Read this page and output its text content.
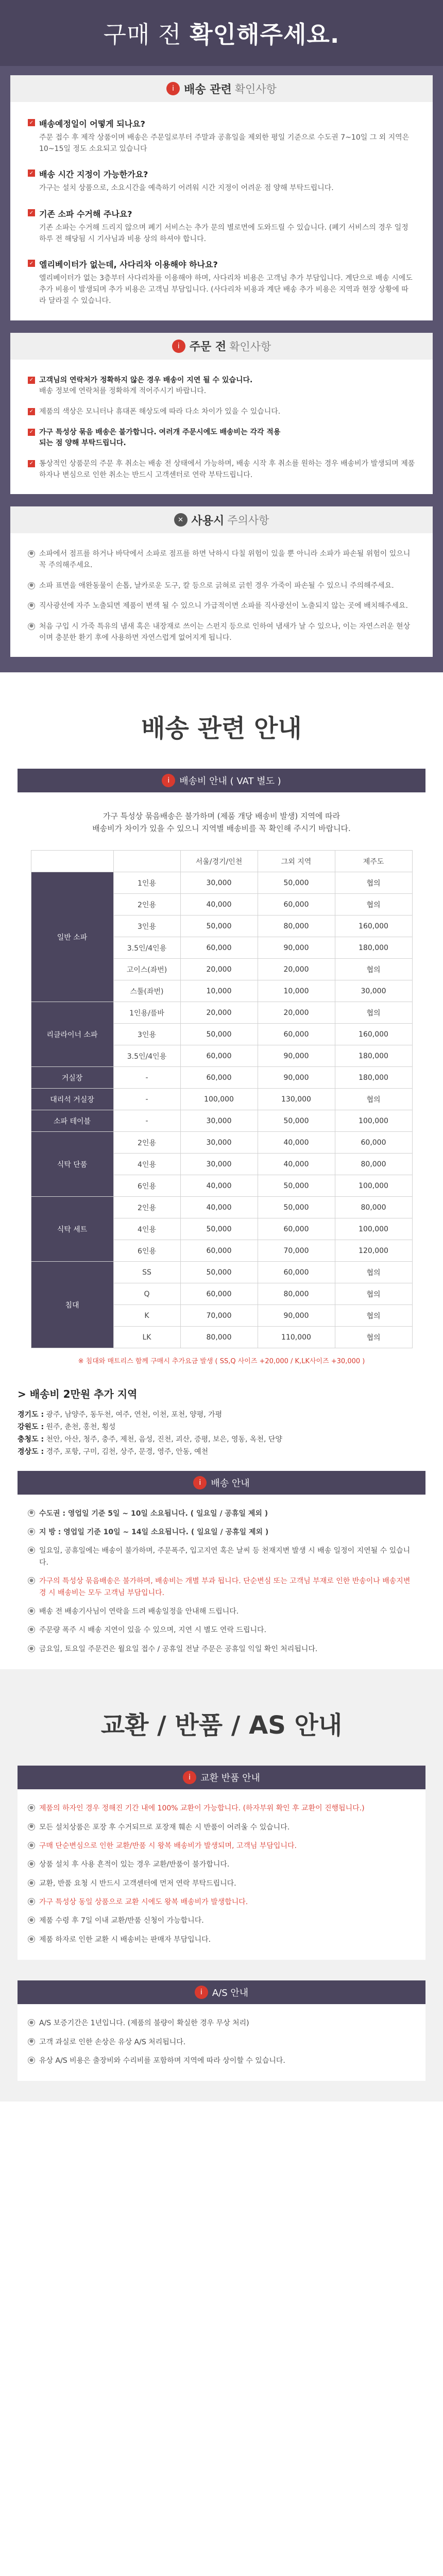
구매 전 확인해주세요.
i 배송 관련 확인사항
✓ 배송예정일이 어떻게 되나요?
주문 접수 후 제작 상품이며 배송은 주문일로부터 주말과 공휴일을 제외한 평일 기준으로 수도권 7~10일 그 외 지역은 10~15일 정도 소요되고 있습니다
✓ 배송 시간 지정이 가능한가요?
가구는 설치 상품으로, 소요시간을 예측하기 어려워 시간 지정이 어려운 점 양해 부탁드립니다.
✓ 기존 소파 수거해 주나요?
기존 소파는 수거해 드리지 않으며 폐기 서비스는 추가 문의 별로면에 도와드릴 수 있습니다. (폐기 서비스의 경우 일정 하루 전 해당됨 시 기사님과 비용 상의 하셔야 합니다.
✓ 엘리베이터가 없는데, 사다리차 이용해야 하나요?
엘리베이터가 없는 3층부터 사다리차를 이용해야 하며, 사다리차 비용은 고객님 추가 부담입니다. 계단으로 배송 시에도 추가 비용이 발생되며 추가 비용은 고객님 부담입니다. (사다리차 비용과 계단 배송 추가 비용은 지역과 현장 상황에 따라 달라질 수 있습니다.
i 주문 전 확인사항
✓ 고객님의 연락처가 정확하지 않은 경우 배송이 지연 될 수 있습니다.
배송 정보에 연락처를 정확하게 적어주시기 바랍니다.
✓ 제품의 색상은 모니터나 휴대폰 해상도에 따라 다소 차이가 있을 수 있습니다.
✓ 가구 특성상 묶음 배송은 불가합니다. 여러개 주문시에도 배송비는 각각 적용
되는 점 양해 부탁드립니다.
✓ 통상적인 상품문의 주문 후 취소는 배송 전 상태에서 가능하며, 배송 시작 후 취소를 원하는 경우 배송비가 발생되며 제품 하자나 변심으로 인한 취소는 반드시 고객센터로 연락 부탁드립니다.
✕ 사용시 주의사항
● 소파에서 점프를 하거나 바닥에서 소파로 점프를 하면 낙하시 다칠 위험이 있을 뿐 아니라 소파가 파손될 위험이 있으니 꼭 주의해주세요.
● 소파 표면을 애완동물이 손톱, 날카로운 도구, 칼 등으로 긁혀로 긁힌 경우 가죽이 파손될 수 있으니 주의해주세요.
● 직사광선에 자주 노출되면 제품이 변색 될 수 있으니 가급적이면 소파를 직사광선이 노출되지 않는 곳에 배치해주세요.
● 처음 구입 시 가죽 특유의 냄새 혹은 내장재로 쓰이는 스펀지 등으로 인하여 냄새가 날 수 있으나, 이는 자연스러운 현상이며 충분한 환기 후에 사용하면 자연스럽게 없어지게 됩니다.
배송 관련 안내
i	배송비 안내 ( VAT 별도 )
가구 특성상 묶음배송은 불가하며 (제품 개당 배송비 발생) 지역에 따라
배송비가 차이가 있을 수 있으니 지역별 배송비를 꼭 확인해 주시기 바랍니다.
		서울/경기/인천	그외 지역	제주도
일반 소파	1인용	30,000	50,000	협의
	2인용	40,000	60,000	협의
	3인용	50,000	80,000	160,000
	3.5인/4인용	60,000	90,000	180,000
	고이스(좌번)	20,000	20,000	협의
	스툴(좌번)	10,000	10,000	30,000
리클라이너 소파	1인용/플바	20,000	20,000	협의
	3인용	50,000	60,000	160,000
	3.5인/4인용	60,000	90,000	180,000
거실장	-	60,000	90,000	180,000
대리석 거실장	-	100,000	130,000	협의
소파 테이블	-	30,000	50,000	100,000
식탁 단품	2인용	30,000	40,000	60,000
	4인용	30,000	40,000	80,000
	6인용	40,000	50,000	100,000
식탁 세트	2인용	40,000	50,000	80,000
	4인용	50,000	60,000	100,000
	6인용	60,000	70,000	120,000
침대	SS	50,000	60,000	협의
	Q	60,000	80,000	협의
	K	70,000	90,000	협의
	LK	80,000	110,000	협의
※ 침대와 매트리스 함께 구매시 추가요금 발생 ( SS,Q 사이즈 +20,000 / K,LK사이즈 +30,000 )
> 배송비 2만원 추가 지역

경기도 : 광주, 남양주, 동두천, 여주, 연천, 이천, 포천, 양평, 가평

강원도 : 원주, 춘천, 홍천, 횡성

충청도 : 천안, 아산, 청주, 충주, 제천, 음성, 진천, 괴산, 증평, 보은, 영동, 옥천, 단양

경상도 : 경주, 포항, 구미, 김천, 상주, 문경, 영주, 안동, 예천

i	배송 안내
● 수도권 : 영업일 기준 5일 ~ 10일 소요됩니다. ( 일요일 / 공휴일 제외 )
● 지 방 : 영업일 기준 10일 ~ 14일 소요됩니다. ( 일요일 / 공휴일 제외 )
● 일요일, 공휴일에는 배송이 불가하며, 주문폭주, 입고지연 혹은 날씨 등 천재지변 발생 시 배송 일정이 지연될 수 있습니다.
● 가구의 특성상 묶음배송은 불가하며, 배송비는 개별 부과 됩니다. 단순변심 또는 고객님 부재로 인한 반송이나 배송지변경 시 배송비는 모두 고객님 부담입니다.
● 배송 전 배송기사님이 연락을 드려 배송일정을 안내해 드립니다.
● 주문량 폭주 시 배송 지연이 있을 수 있으며, 지연 시 별도 연락 드립니다.
● 금요일, 토요일 주문건은 월요일 접수 / 공휴일 전날 주문은 공휴일 익일 확인 처리됩니다.
교환 / 반품 / AS 안내
i	교환 반품 안내
● 제품의 하자인 경우 정해진 기간 내에 100% 교환이 가능합니다. (하자부위 확인 후 교환이 진행됩니다.)
● 모든 설치상품은 포장 후 수거되므로 포장재 훼손 시 반품이 어려울 수 있습니다.
● 구매 단순변심으로 인한 교환/반품 시 왕복 배송비가 발생되며, 고객님 부담입니다.
● 상품 설치 후 사용 흔적이 있는 경우 교환/반품이 불가합니다.
● 교환, 반품 요청 시 반드시 고객센터에 먼저 연락 부탁드립니다.
● 가구 특성상 동일 상품으로 교환 시에도 왕복 배송비가 발생합니다.
● 제품 수령 후 7일 이내 교환/반품 신청이 가능합니다.
● 제품 하자로 인한 교환 시 배송비는 판매자 부담입니다.
i	A/S 안내
● A/S 보증기간은 1년입니다. (제품의 불량이 확실한 경우 무상 처리)
● 고객 과실로 인한 손상은 유상 A/S 처리됩니다.
● 유상 A/S 비용은 출장비와 수리비를 포함하며 지역에 따라 상이할 수 있습니다.
